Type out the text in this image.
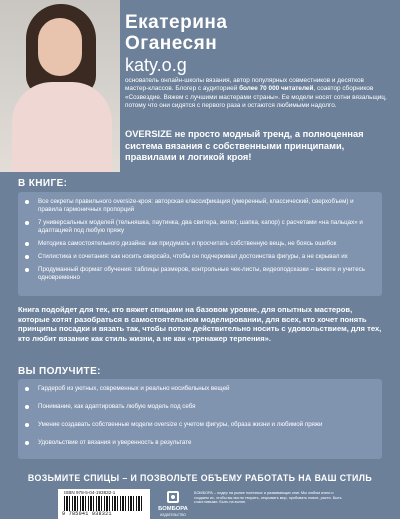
Екатерина
Оганесян
katy.o.g
основатель онлайн-школы вязания, автор популярных совместников и десятков мастер-классов. Блогер с аудиторией более 70 000 читателей, соавтор сборников «Созвездие. Вяжем с лучшими мастерами страны». Ее модели носят сотни вязальщиц, потому что они сидятся с первого раза и остаются любимыми надолго.
OVERSIZE не просто модный тренд, а полноценная система вязания с собственными принципами, правилами и логикой кроя!
В КНИГЕ:
Все секреты правильного oversize-кроя: авторская классификация (умеренный, классический, сверхобъем) и правила гармоничных пропорций
7 универсальных моделей (тельняшка, паутинка, два свитера, жилет, шапка, капор) с расчетами «на пальцах» и адаптацией под любую пряжу
Методика самостоятельного дизайна: как придумать и просчитать собственную вещь, не боясь ошибок
Стилистика и сочетания: как носить оверсайз, чтобы он подчеркивал достоинства фигуры, а не скрывал их
Продуманный формат обучения: таблицы размеров, контрольные чек-листы, видеоподсказки – вяжете и учитесь одновременно
Книга подойдет для тех, кто вяжет спицами на базовом уровне, для опытных мастеров, которые хотят разобраться в самостоятельном моделировании, для всех, кто хочет понять принципы посадки и вязать так, чтобы потом действительно носить с удовольствием, для тех, кто любит вязание как стиль жизни, а не как «тренажер терпения».
ВЫ ПОЛУЧИТЕ:
Гардероб из уютных, современных и реально носибельных вещей
Понимание, как адаптировать любую модель под себя
Умение создавать собственные модели oversize с учетом фигуры, образа жизни и любимой пряжи
Удовольствие от вязания и уверенность в результате
ВОЗЬМИТЕ СПИЦЫ – И ПОЗВОЛЬТЕ ОБЪЕМУ РАБОТАТЬ НА ВАШ СТИЛЬ
ISBN 978-5-04-193832-1
9 785041 938321
БОМБОРА
ИЗДАТЕЛЬСТВО
БОМБОРА – лидер на рынке полезных и развивающих книг. Мы любим книги и создаем их, чтобы вы могли творить, открывать мир, пробовать новое, расти. Быть счастливыми. Быть на волне.
